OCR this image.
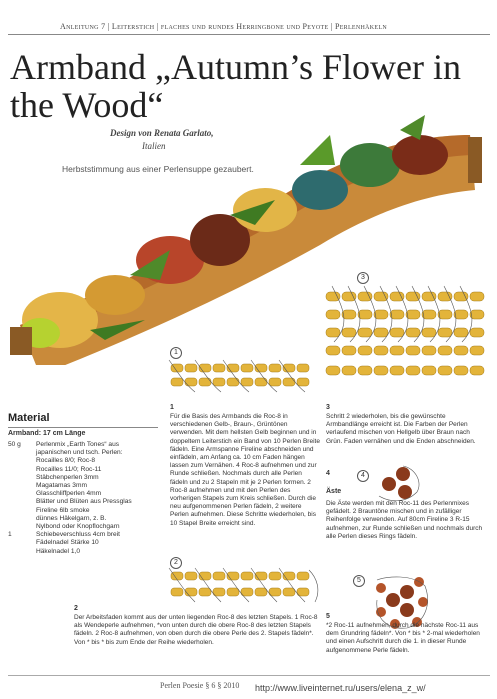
Anleitung 7 | Leiterstich | flaches und rundes Herringbone und Peyote | Perlenhäkeln
Armband „Autumn’s Flower in the Wood“
Design von Renata Garlato,
Italien
Herbststimmung aus einer Perlensuppe gezaubert.
3
1
2
4
5
Material
Armband: 17 cm Länge
50 g	Perlenmix „Earth Tones“ aus
japanischen und tsch. Perlen:
Rocailles 8/0; Roc-8
Rocailles 11/0; Roc-11
Stäbchenperlen 3mm
Magatamas 3mm
Glasschliffperlen 4mm
Blätter und Blüten aus Pressglas
Fireline 6lb smoke
dünnes Häkelgarn, z. B.
Nylbond oder Knopflochgarn
1	Schiebeverschluss 4cm breit
Fädelnadel Stärke 10
Häkelnadel 1,0
1
Für die Basis des Armbands die Roc-8 in verschiedenen Gelb-, Braun-, Grüntönen verwenden. Mit dem hellsten Gelb beginnen und in doppeltem Leiterstich ein Band von 10 Perlen Breite fädeln. Eine Armspanne Fireline abschneiden und einfädeln, am Anfang ca. 10 cm Faden hängen lassen zum Vernähen. 4 Roc-8 aufnehmen und zur Runde schließen. Nochmals durch alle Perlen fädeln und zu 2 Stapeln mit je 2 Perlen formen. 2 Roc-8 aufnehmen und mit den Perlen des vorherigen Stapels zum Kreis schließen. Durch die neu aufgenommenen Perlen fädeln, 2 weitere Perlen aufnehmen. Diese Schritte wiederholen, bis 10 Stapel Breite erreicht sind.
2
Der Arbeitsfaden kommt aus der unten liegenden Roc-8 des letzten Stapels. 1 Roc-8 als Wendeperle aufnehmen, *von unten durch die obere Roc-8 des letzten Stapels fädeln. 2 Roc-8 aufnehmen, von oben durch die obere Perle des 2. Stapels fädeln*. Von * bis * bis zum Ende der Reihe wiederholen.
3
Schritt 2 wiederholen, bis die gewünschte Armbandlänge erreicht ist. Die Farben der Perlen verlaufend mischen von Hellgelb über Braun nach Grün. Faden vernähen und die Enden abschneiden.
4
Äste
Die Äste werden mit den Roc-11 des Perlenmixes gefädelt. 2 Brauntöne mischen und in zufälliger Reihenfolge verwenden. Auf 80cm Fireline 3 R-15 aufnehmen, zur Runde schließen und nochmals durch alle Perlen dieses Rings fädeln.
5
*2 Roc-11 aufnehmen, durch die nächste Roc-11 aus dem Grundring fädeln*. Von * bis * 2-mal wiederholen und einen Aufschritt durch die 1. in dieser Runde aufgenommene Perle fädeln.
Perlen Poesie § 6 § 2010 http://www.liveinternet.ru/users/elena_z_w/
